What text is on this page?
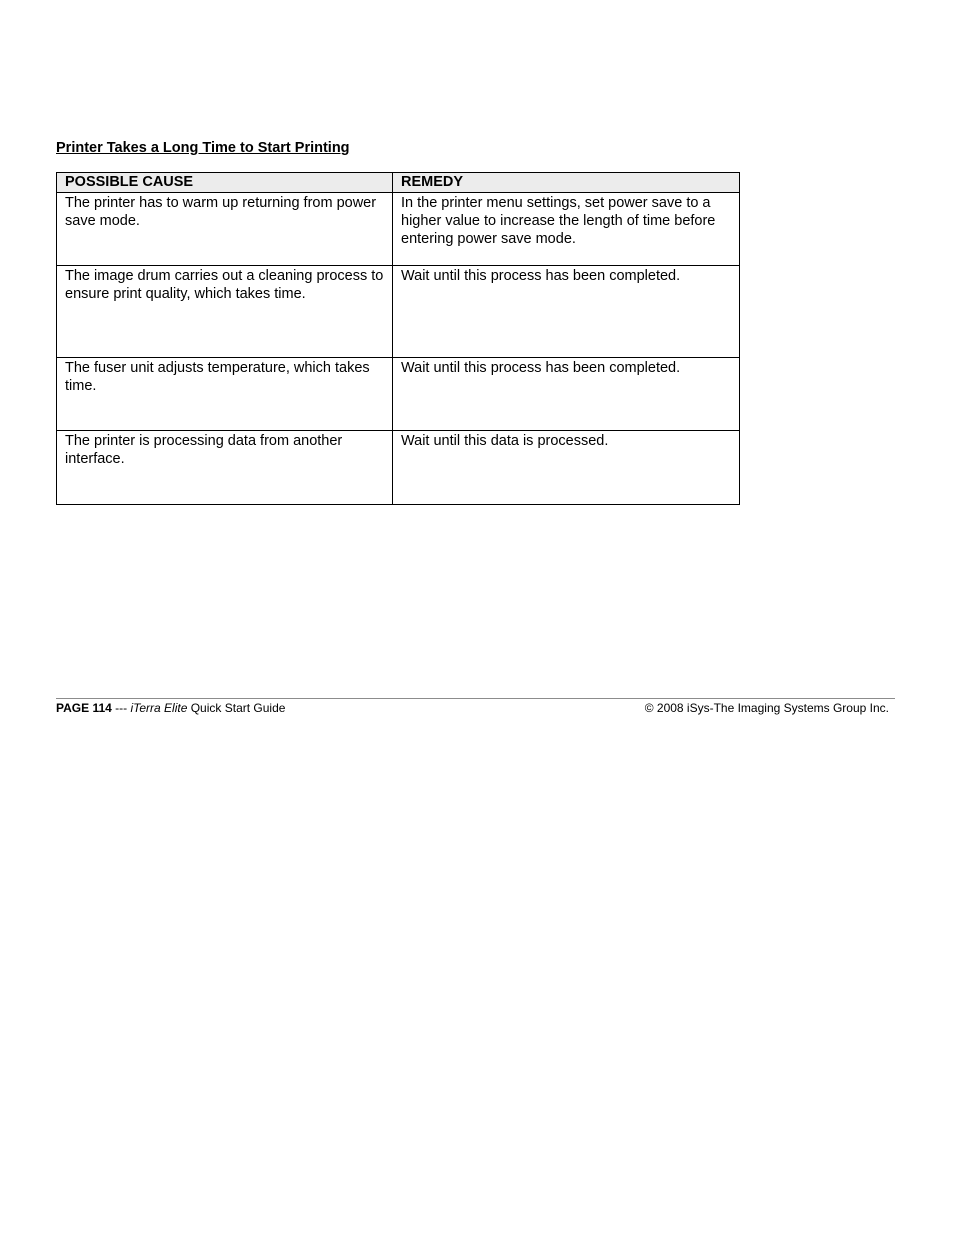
Printer Takes a Long Time to Start Printing
POSSIBLE CAUSE	REMEDY
The printer has to warm up returning from power save mode.	In the printer menu settings, set power save to a higher value to increase the length of time before entering power save mode.
The image drum carries out a cleaning process to ensure print quality, which takes time.	Wait until this process has been completed.
The fuser unit adjusts temperature, which takes time.	Wait until this process has been completed.
The printer is processing data from another interface.	Wait until this data is processed.
PAGE 114 --- iTerra Elite Quick Start Guide	© 2008 iSys-The Imaging Systems Group Inc.
